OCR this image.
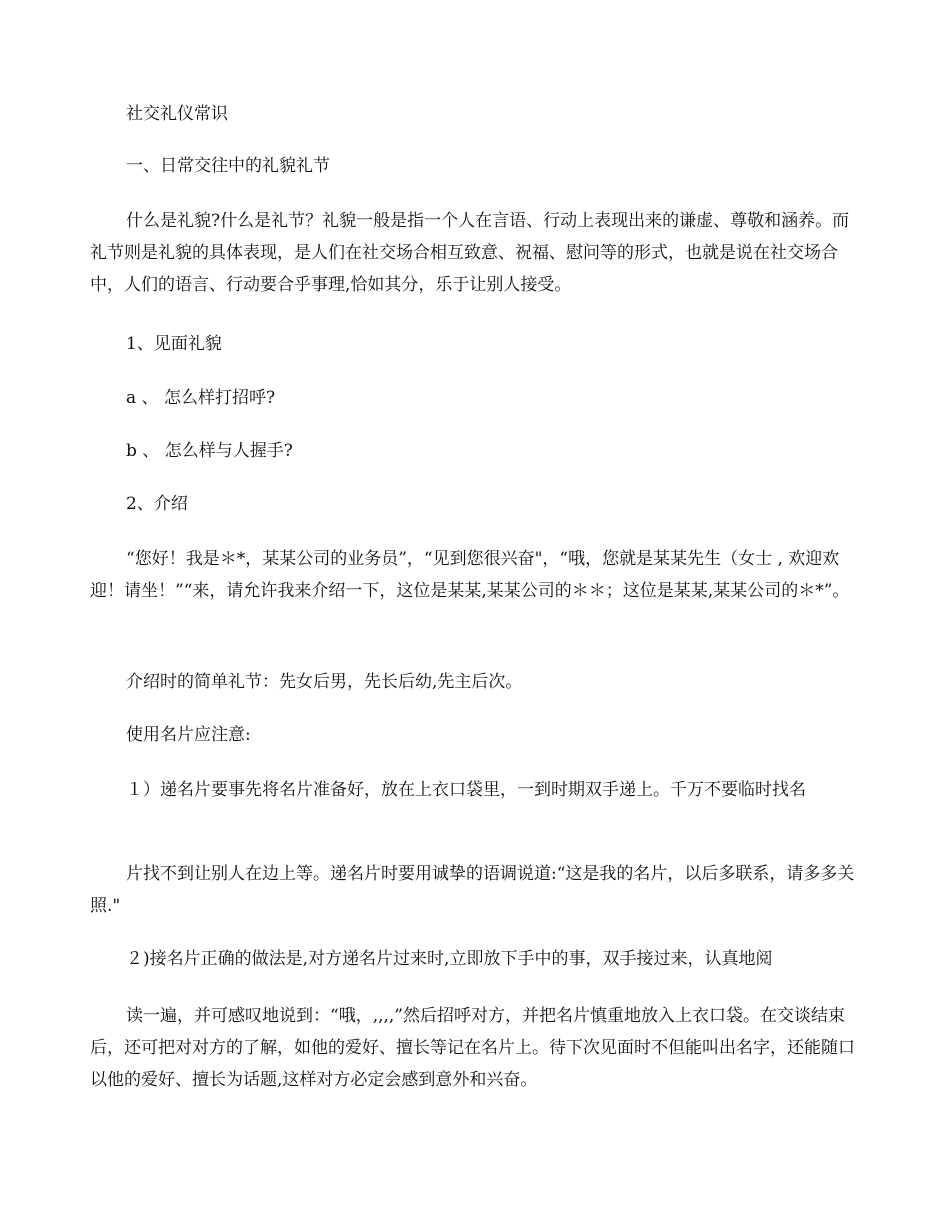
社交礼仪常识

一、日常交往中的礼貌礼节

什么是礼貌?什么是礼节？礼貌一般是指一个人在言语、行动上表现出来的谦虚、尊敬和涵养。而礼节则是礼貌的具体表现，是人们在社交场合相互致意、祝福、慰问等的形式，也就是说在社交场合中，人们的语言、行动要合乎事理,恰如其分，乐于让别人接受。

1、见面礼貌

a 、 怎么样打招呼?

b 、 怎么样与人握手?

2、介绍

“您好！我是＊*，某某公司的业务员”，“见到您很兴奋"，“哦，您就是某某先生（女士 , 欢迎欢迎！请坐！”“来，请允许我来介绍一下，这位是某某,某某公司的＊＊；这位是某某,某某公司的＊*”。

介绍时的简单礼节：先女后男，先长后幼,先主后次。

使用名片应注意:

１）递名片要事先将名片准备好，放在上衣口袋里，一到时期双手递上。千万不要临时找名

片找不到让别人在边上等。递名片时要用诚挚的语调说道:“这是我的名片，以后多联系，请多多关照."

２)接名片正确的做法是,对方递名片过来时,立即放下手中的事，双手接过来，认真地阅

读一遍，并可感叹地说到：“哦，,,,,”然后招呼对方，并把名片慎重地放入上衣口袋。在交谈结束后，还可把对对方的了解，如他的爱好、擅长等记在名片上。待下次见面时不但能叫出名字，还能随口以他的爱好、擅长为话题,这样对方必定会感到意外和兴奋。
